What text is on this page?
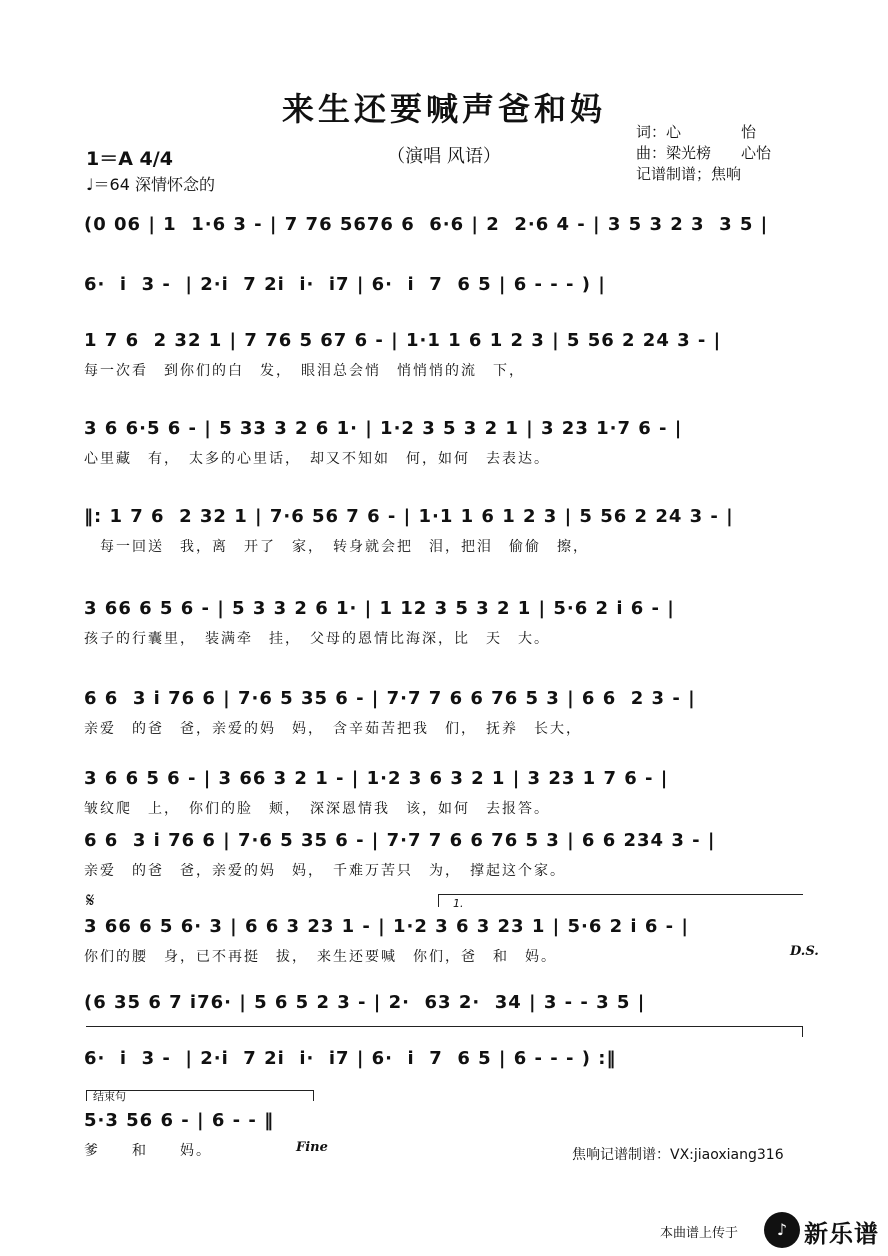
来生还要喊声爸和妈
（演唱 风语）
词：心　　　　怡
曲：梁光榜　　心怡
记谱制谱；焦响
1＝A 4/4
♩＝64 深情怀念的
(0 06 | 1  1·6 3 - | 7 76 5676 6  6·6 | 2  2·6 4 - | 3 5 3 2 3  3 5 |
6·  i  3 -  | 2·i  7 2i  i·  i7 | 6·  i  7  6 5 | 6 - - - ) |
1 7 6  2 32 1 | 7 76 5 67 6 - | 1·1 1 6 1 2 3 | 5 56 2 24 3 - |
每一次看　到你们的白　发，　眼泪总会悄　悄悄悄的流　下，
3 6 6·5 6 - | 5 33 3 2 6 1· | 1·2 3 5 3 2 1 | 3 23 1·7 6 - |
心里藏　有，　太多的心里话，　却又不知如　何，如何　去表达。
‖: 1 7 6  2 32 1 | 7·6 56 7 6 - | 1·1 1 6 1 2 3 | 5 56 2 24 3 - |
　每一回送　我，离　开了　家，　转身就会把　泪，把泪　偷偷　擦，
3 66 6 5 6 - | 5 3 3 2 6 1· | 1 12 3 5 3 2 1 | 5·6 2 i 6 - |
孩子的行囊里，　装满牵　挂，　父母的恩情比海深，比　天　大。
6 6  3 i 76 6 | 7·6 5 35 6 - | 7·7 7 6 6 76 5 3 | 6 6  2 3 - |
亲爱　的爸　爸，亲爱的妈　妈，　含辛茹苦把我　们，　抚养　长大，
3 6 6 5 6 - | 3 66 3 2 1 - | 1·2 3 6 3 2 1 | 3 23 1 7 6 - |
皱纹爬　上，　你们的脸　颊，　深深恩情我　该，如何　去报答。
6 6  3 i 76 6 | 7·6 5 35 6 - | 7·7 7 6 6 76 5 3 | 6 6 234 3 - |
亲爱　的爸　爸，亲爱的妈　妈，　千难万苦只　为，　撑起这个家。
3 66 6 5 6· 3 | 6 6 3 23 1 - | 1·2 3 6 3 23 1 | 5·6 2 i 6 - |
你们的腰　身，已不再挺　拔，　来生还要喊　你们，爸　和　妈。
(6 35 6 7 i76· | 5 6 5 2 3 - | 2·  63 2·  34 | 3 - - 3 5 |
6·  i  3 -  | 2·i  7 2i  i·  i7 | 6·  i  7  6 5 | 6 - - - ) :‖
5·3 56 6 - | 6 - - ‖
爹　　和　　妈。
𝄋	1.
D.S.
结束句
Fine	焦响记谱制谱：VX:jiaoxiang316
本曲谱上传于	♪ 新乐谱
